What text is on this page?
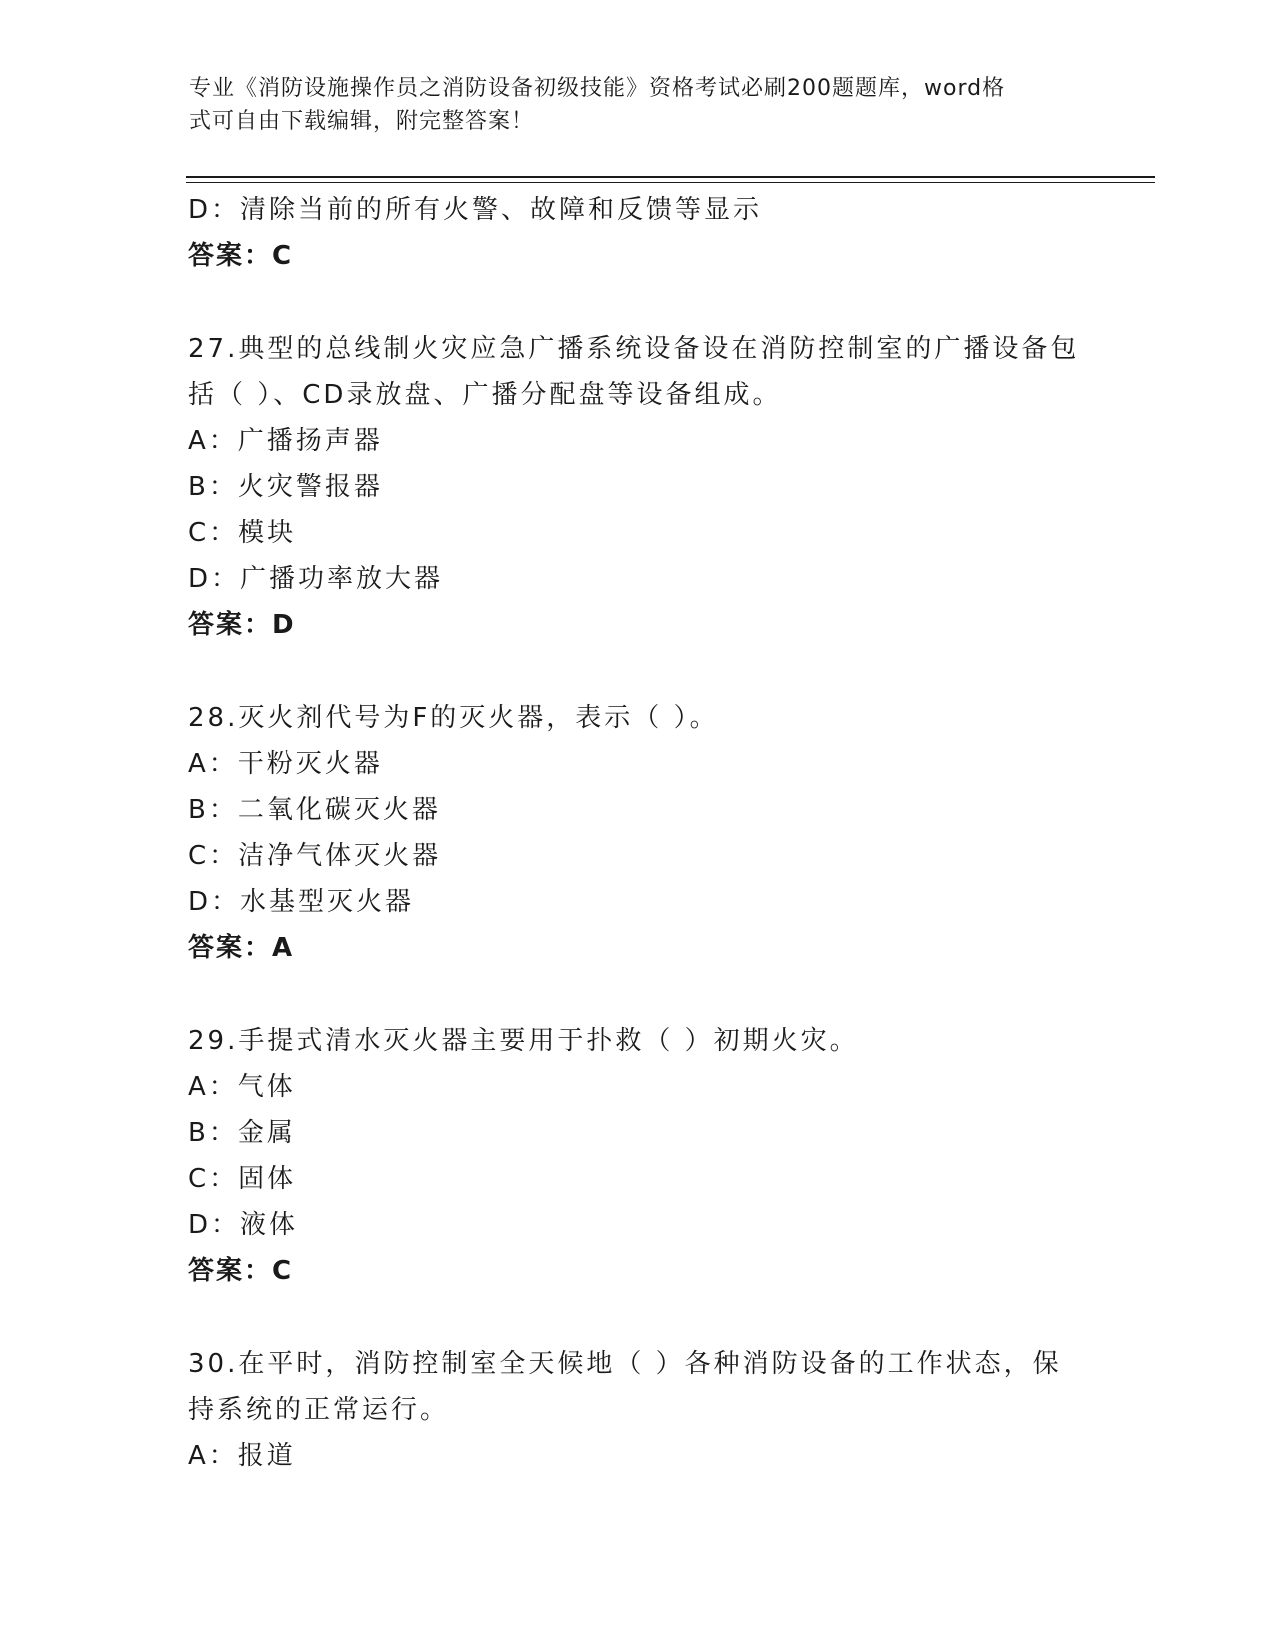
专业《消防设施操作员之消防设备初级技能》资格考试必刷200题题库，word格
式可自由下载编辑，附完整答案！
D：清除当前的所有火警、故障和反馈等显示
答案：C
27.典型的总线制火灾应急广播系统设备设在消防控制室的广播设备包
括（ ）、CD录放盘、广播分配盘等设备组成。
A：广播扬声器
B：火灾警报器
C：模块
D：广播功率放大器
答案：D
28.灭火剂代号为F的灭火器，表示（ ）。
A：干粉灭火器
B：二氧化碳灭火器
C：洁净气体灭火器
D：水基型灭火器
答案：A
29.手提式清水灭火器主要用于扑救（ ）初期火灾。
A：气体
B：金属
C：固体
D：液体
答案：C
30.在平时，消防控制室全天候地（ ）各种消防设备的工作状态，保
持系统的正常运行。
A：报道
